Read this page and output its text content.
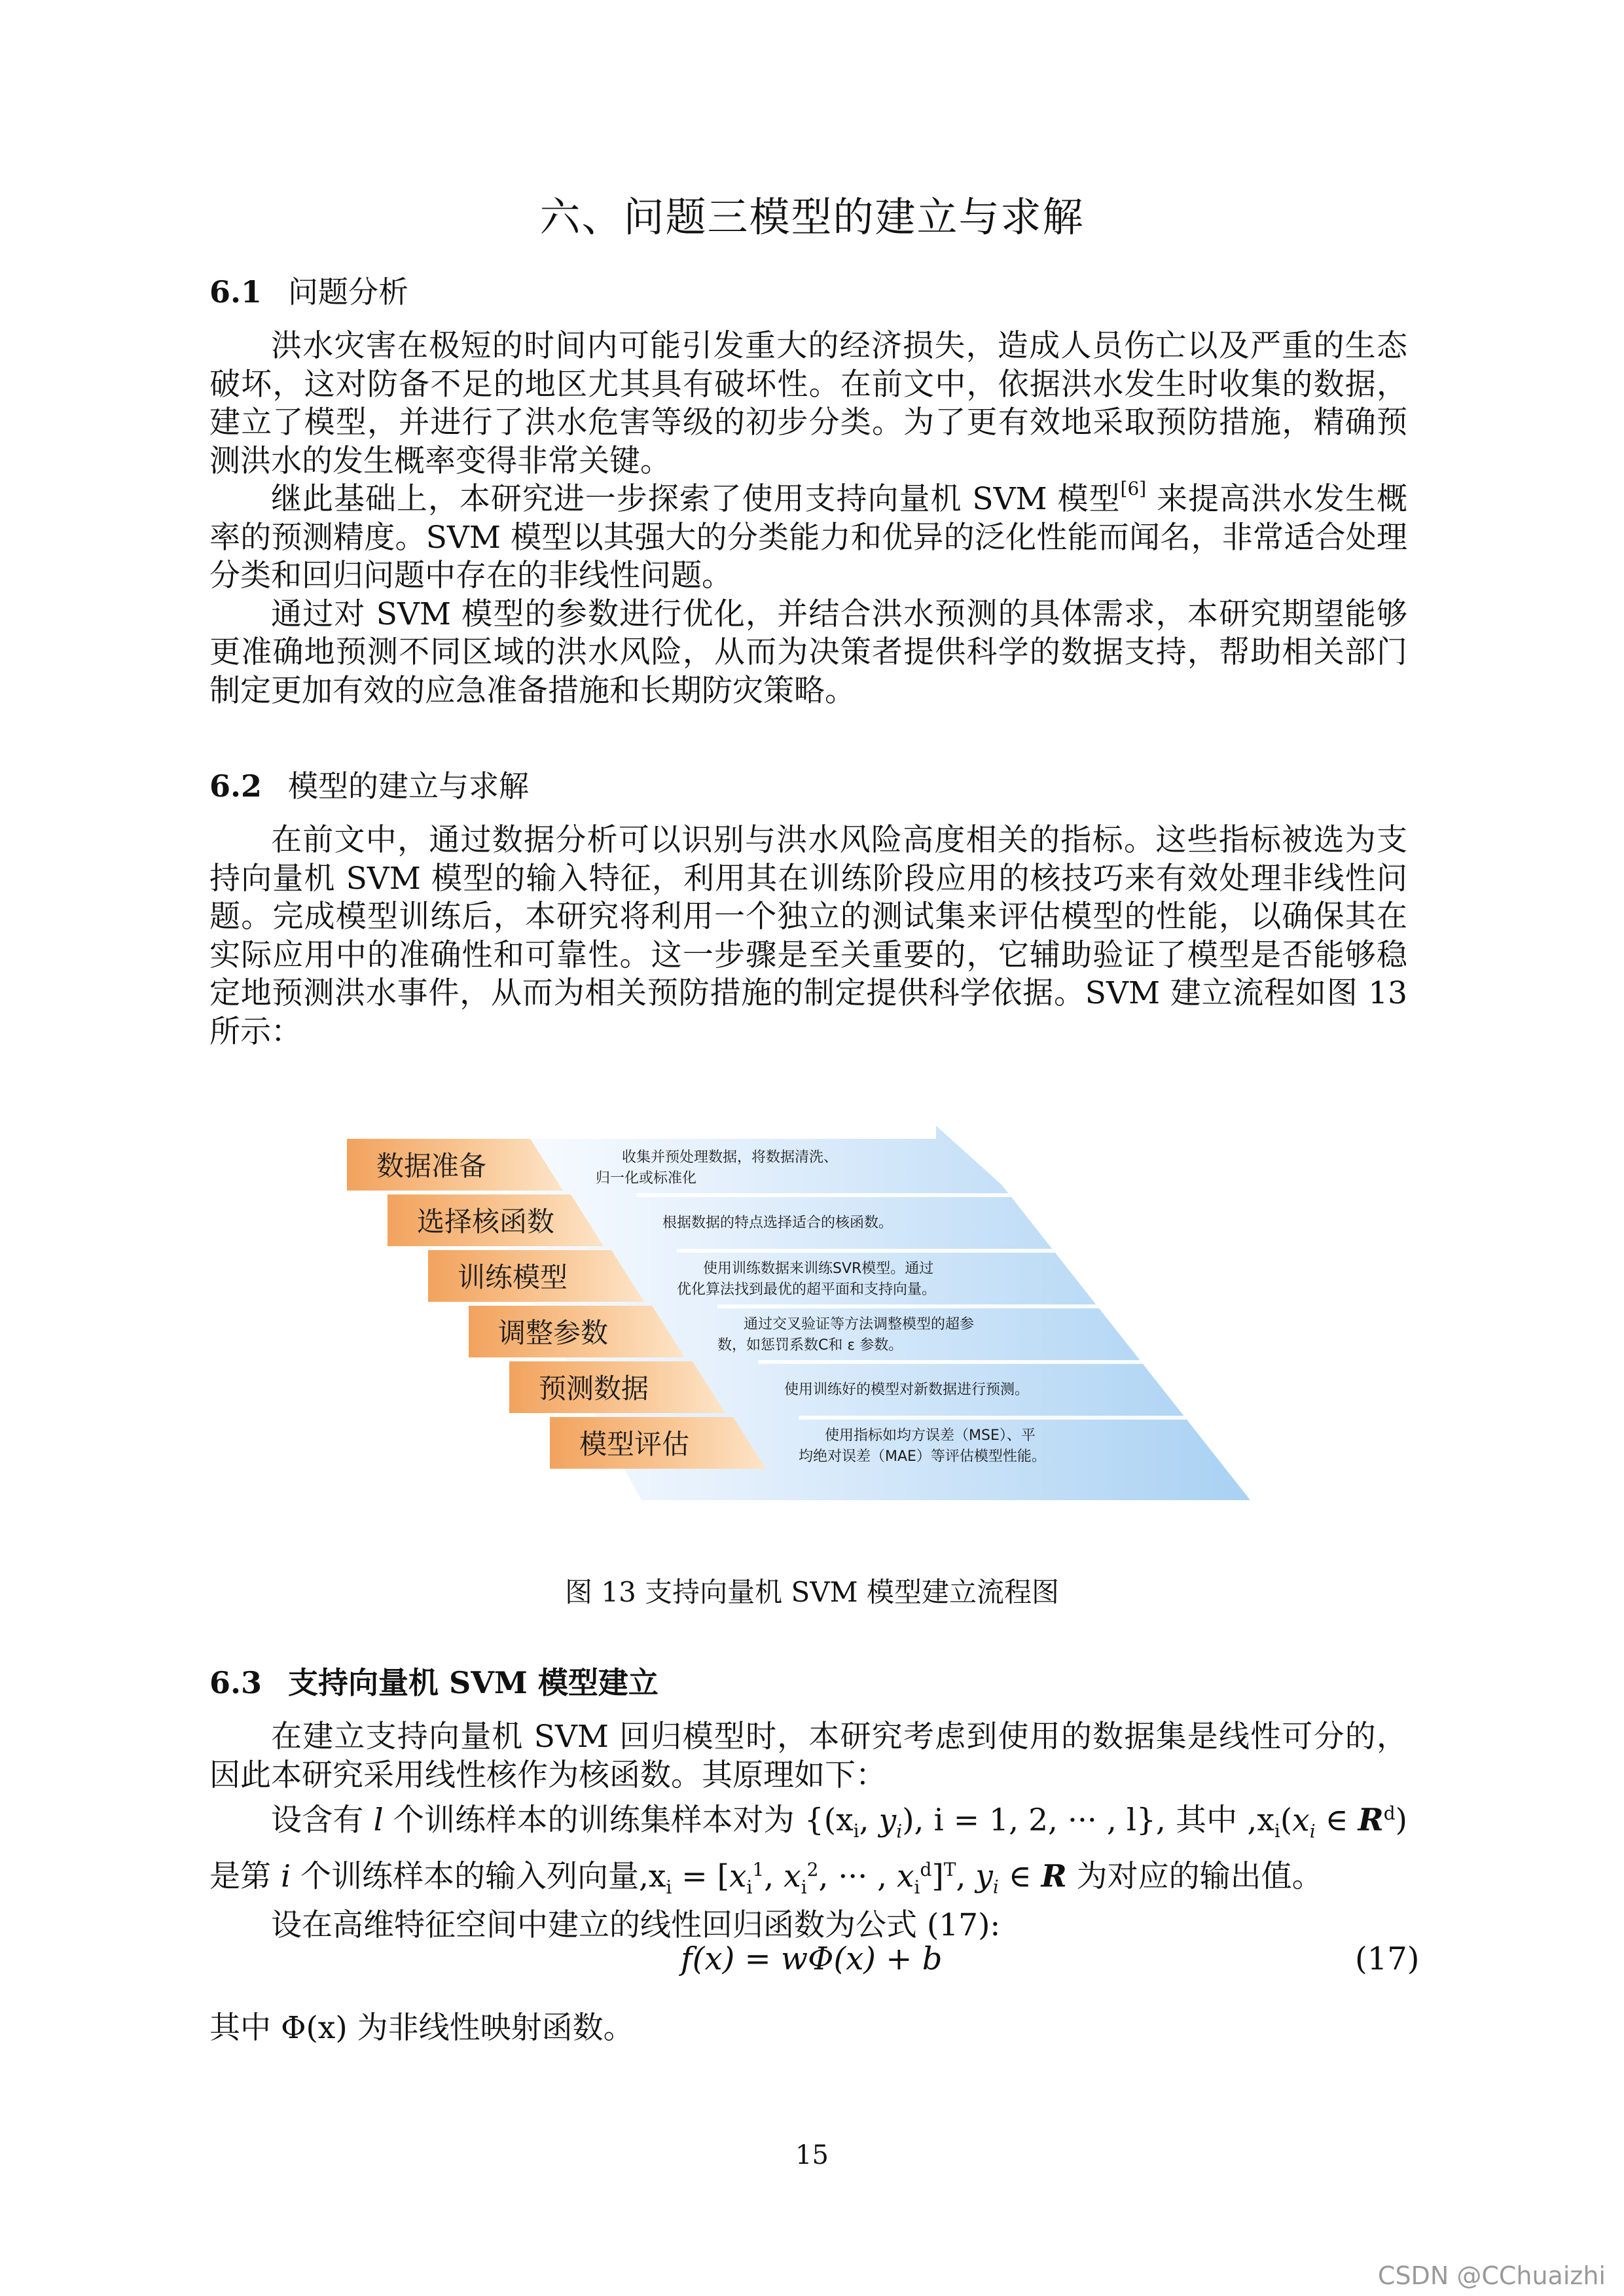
六、问题三模型的建立与求解
6.1 问题分析

洪水灾害在极短的时间内可能引发重大的经济损失，造成人员伤亡以及严重的生态破坏，这对防备不足的地区尤其具有破坏性。在前文中，依据洪水发生时收集的数据，建立了模型，并进行了洪水危害等级的初步分类。为了更有效地采取预防措施，精确预测洪水的发生概率变得非常关键。

继此基础上，本研究进一步探索了使用支持向量机 SVM 模型[6] 来提高洪水发生概率的预测精度。SVM 模型以其强大的分类能力和优异的泛化性能而闻名，非常适合处理分类和回归问题中存在的非线性问题。

通过对 SVM 模型的参数进行优化，并结合洪水预测的具体需求，本研究期望能够更准确地预测不同区域的洪水风险，从而为决策者提供科学的数据支持，帮助相关部门制定更加有效的应急准备措施和长期防灾策略。

6.2 模型的建立与求解

在前文中，通过数据分析可以识别与洪水风险高度相关的指标。这些指标被选为支持向量机 SVM 模型的输入特征，利用其在训练阶段应用的核技巧来有效处理非线性问题。完成模型训练后，本研究将利用一个独立的测试集来评估模型的性能，以确保其在实际应用中的准确性和可靠性。这一步骤是至关重要的，它辅助验证了模型是否能够稳定地预测洪水事件，从而为相关预防措施的制定提供科学依据。SVM 建立流程如图 13 所示：

数据准备	收集并预处理数据，将数据清洗、
归一化或标准化
选择核函数	根据数据的特点选择适合的核函数。
训练模型	使用训练数据来训练SVR模型。通过
优化算法找到最优的超平面和支持向量。
调整参数	通过交叉验证等方法调整模型的超参
数，如惩罚系数C和 ε 参数。
预测数据	使用训练好的模型对新数据进行预测。
模型评估	使用指标如均方误差（MSE）、平
均绝对误差（MAE）等评估模型性能。
图 13 支持向量机 SVM 模型建立流程图
6.3 支持向量机 SVM 模型建立

在建立支持向量机 SVM 回归模型时，本研究考虑到使用的数据集是线性可分的，因此本研究采用线性核作为核函数。其原理如下：

设含有 l 个训练样本的训练集样本对为 {($x_i$, $y_i$), i = 1, 2, ··· , l}, 其中 $,x_i(x_i$ ∈ $R^d$) 是第 i 个训练样本的输入列向量$,x_i = [x_i^1$, $x_i^2$, ··· , $x_i^d]^T$, $y_i$ ∈ R 为对应的输出值。

设在高维特征空间中建立的线性回归函数为公式 (17):

f(x) = wΦ(x) + b	(17)

其中 Φ(x) 为非线性映射函数。

15
CSDN @CChuaizhi
